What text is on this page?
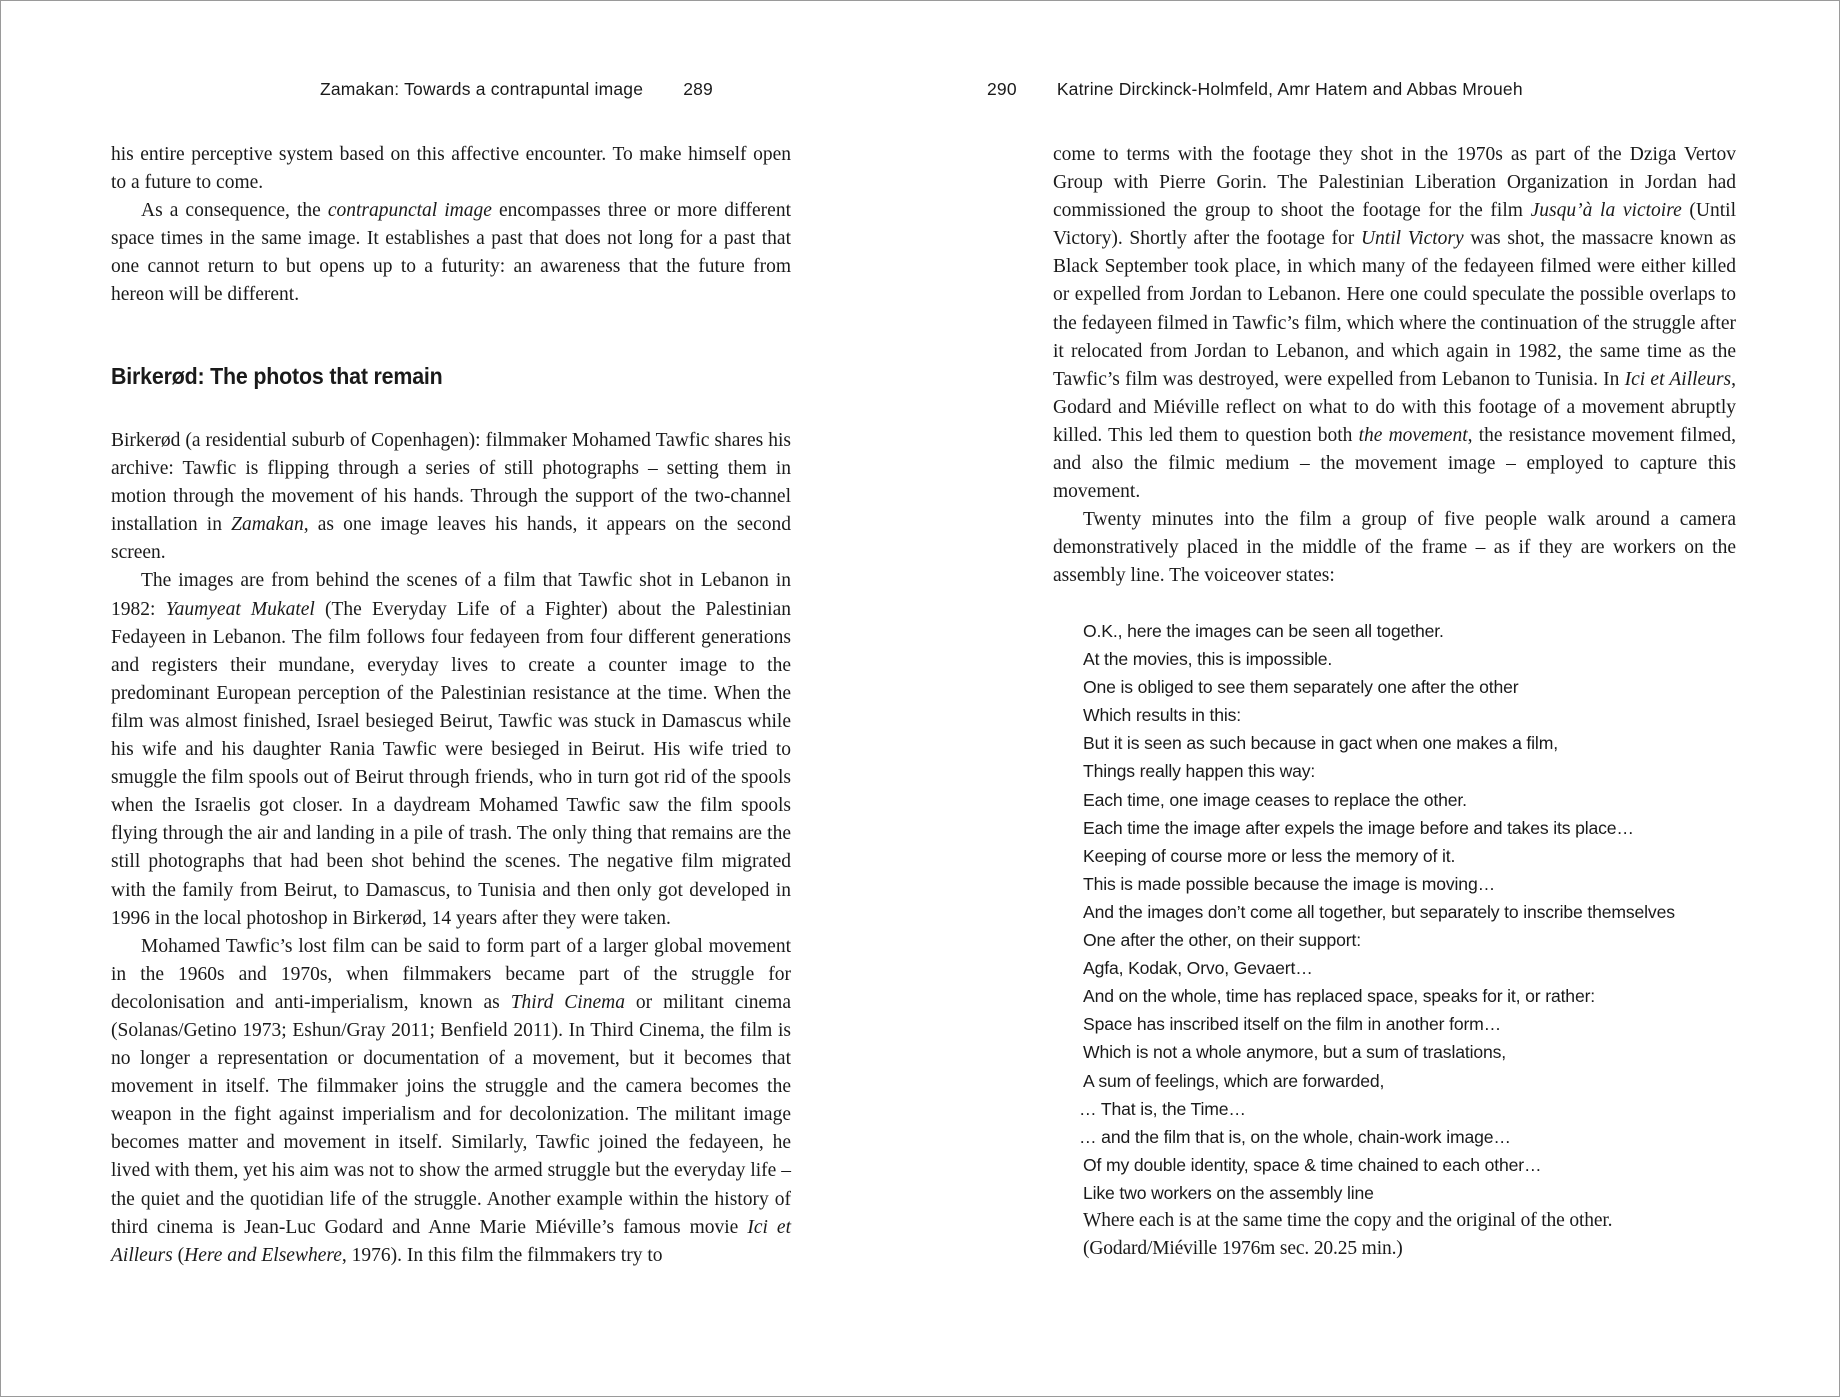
Zamakan: Towards a contrapuntal image 289

his entire perceptive system based on this affective encounter. To make himself open to a future to come.

As a consequence, the contrapunctal image encompasses three or more different space times in the same image. It establishes a past that does not long for a past that one cannot return to but opens up to a futurity: an awareness that the future from hereon will be different.

Birkerød: The photos that remain

Birkerød (a residential suburb of Copenhagen): filmmaker Mohamed Tawfic shares his archive: Tawfic is flipping through a series of still photographs – setting them in motion through the movement of his hands. Through the support of the two-channel installation in Zamakan, as one image leaves his hands, it appears on the second screen.

The images are from behind the scenes of a film that Tawfic shot in Lebanon in 1982: Yaumyeat Mukatel (The Everyday Life of a Fighter) about the Palestinian Fedayeen in Lebanon. The film follows four fedayeen from four different generations and registers their mundane, everyday lives to create a counter image to the predominant European perception of the Palestinian resistance at the time. When the film was almost finished, Israel besieged Beirut, Tawfic was stuck in Damascus while his wife and his daughter Rania Tawfic were besieged in Beirut. His wife tried to smuggle the film spools out of Beirut through friends, who in turn got rid of the spools when the Israelis got closer. In a daydream Mohamed Tawfic saw the film spools flying through the air and landing in a pile of trash. The only thing that remains are the still photographs that had been shot behind the scenes. The negative film migrated with the family from Beirut, to Damascus, to Tunisia and then only got developed in 1996 in the local photoshop in Birkerød, 14 years after they were taken.

Mohamed Tawfic’s lost film can be said to form part of a larger global movement in the 1960s and 1970s, when filmmakers became part of the struggle for decolonisation and anti-imperialism, known as Third Cinema or militant cinema (Solanas/Getino 1973; Eshun/Gray 2011; Benfield 2011). In Third Cinema, the film is no longer a representation or documentation of a movement, but it becomes that movement in itself. The filmmaker joins the struggle and the camera becomes the weapon in the fight against imperialism and for decolonization. The militant image becomes matter and movement in itself. Similarly, Tawfic joined the fedayeen, he lived with them, yet his aim was not to show the armed struggle but the everyday life – the quiet and the quotidian life of the struggle. Another example within the history of third cinema is Jean-Luc Godard and Anne Marie Miéville’s famous movie Ici et Ailleurs (Here and Elsewhere, 1976). In this film the filmmakers try to

290 Katrine Dirckinck-Holmfeld, Amr Hatem and Abbas Mroueh

come to terms with the footage they shot in the 1970s as part of the Dziga Vertov Group with Pierre Gorin. The Palestinian Liberation Organization in Jordan had commissioned the group to shoot the footage for the film Jusqu’à la victoire (Until Victory). Shortly after the footage for Until Victory was shot, the massacre known as Black September took place, in which many of the fedayeen filmed were either killed or expelled from Jordan to Lebanon. Here one could speculate the possible overlaps to the fedayeen filmed in Tawfic’s film, which where the continuation of the struggle after it relocated from Jordan to Lebanon, and which again in 1982, the same time as the Tawfic’s film was destroyed, were expelled from Lebanon to Tunisia. In Ici et Ailleurs, Godard and Miéville reflect on what to do with this footage of a movement abruptly killed. This led them to question both the movement, the resistance movement filmed, and also the filmic medium – the movement image – employed to capture this movement.

Twenty minutes into the film a group of five people walk around a camera demonstratively placed in the middle of the frame – as if they are workers on the assembly line. The voiceover states:

O.K., here the images can be seen all together.
At the movies, this is impossible.
One is obliged to see them separately one after the other
Which results in this:
But it is seen as such because in gact when one makes a film,
Things really happen this way:
Each time, one image ceases to replace the other.
Each time the image after expels the image before and takes its place…
Keeping of course more or less the memory of it.
This is made possible because the image is moving…
And the images don’t come all together, but separately to inscribe themselves
One after the other, on their support:
Agfa, Kodak, Orvo, Gevaert…
And on the whole, time has replaced space, speaks for it, or rather:
Space has inscribed itself on the film in another form…
Which is not a whole anymore, but a sum of traslations,
A sum of feelings, which are forwarded,
… That is, the Time…
… and the film that is, on the whole, chain-work image…
Of my double identity, space & time chained to each other…
Like two workers on the assembly line
Where each is at the same time the copy and the original of the other.
(Godard/Miéville 1976m sec. 20.25 min.)
